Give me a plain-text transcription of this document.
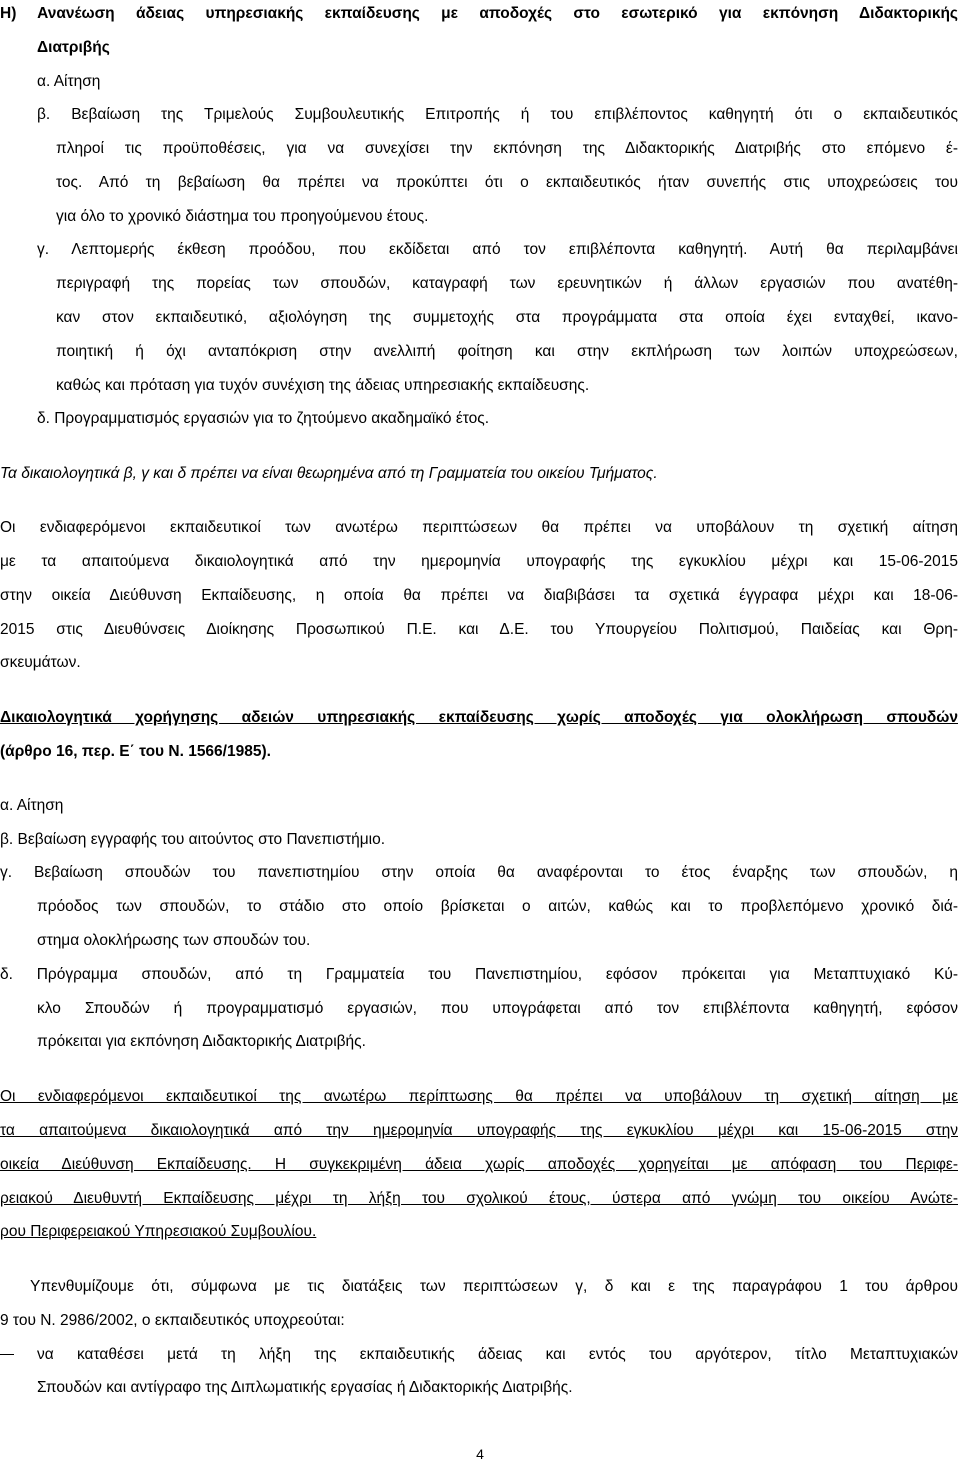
Η) Ανανέωση άδειας υπηρεσιακής εκπαίδευσης με αποδοχές στο εσωτερικό για εκπόνηση Διδακτορικής

Διατριβής

α. Αίτηση

β. Βεβαίωση της Τριμελούς Συμβουλευτικής Επιτροπής ή του επιβλέποντος καθηγητή ότι ο εκπαιδευτικός

πληροί τις προϋποθέσεις, για να συνεχίσει την εκπόνηση της Διδακτορικής Διατριβής στο επόμενο έ-

τος. Από τη βεβαίωση θα πρέπει να προκύπτει ότι ο εκπαιδευτικός ήταν συνεπής στις υποχρεώσεις του

για όλο το χρονικό διάστημα του προηγούμενου έτους.

γ. Λεπτομερής έκθεση προόδου, που εκδίδεται από τον επιβλέποντα καθηγητή. Αυτή θα περιλαμβάνει

περιγραφή της πορείας των σπουδών, καταγραφή των ερευνητικών ή άλλων εργασιών που ανατέθη-

καν στον εκπαιδευτικό, αξιολόγηση της συμμετοχής στα προγράμματα στα οποία έχει ενταχθεί, ικανο-

ποιητική ή όχι ανταπόκριση στην ανελλιπή φοίτηση και στην εκπλήρωση των λοιπών υποχρεώσεων,

καθώς και πρόταση για τυχόν συνέχιση της άδειας υπηρεσιακής εκπαίδευσης.

δ. Προγραμματισμός εργασιών για το ζητούμενο ακαδημαϊκό έτος.

Τα δικαιολογητικά β, γ και δ πρέπει να είναι θεωρημένα από τη Γραμματεία του οικείου Τμήματος.

Οι ενδιαφερόμενοι εκπαιδευτικοί των ανωτέρω περιπτώσεων θα πρέπει να υποβάλουν τη σχετική αίτηση

με τα απαιτούμενα δικαιολογητικά από την ημερομηνία υπογραφής της εγκυκλίου μέχρι και 15-06-2015

στην οικεία Διεύθυνση Εκπαίδευσης, η οποία θα πρέπει να διαβιβάσει τα σχετικά έγγραφα μέχρι και 18-06-

2015 στις Διευθύνσεις Διοίκησης Προσωπικού Π.Ε. και Δ.Ε. του Υπουργείου Πολιτισμού, Παιδείας και Θρη-

σκευμάτων.

Δικαιολογητικά χορήγησης αδειών υπηρεσιακής εκπαίδευσης χωρίς αποδοχές για ολοκλήρωση σπουδών

(άρθρο 16, περ. Ε΄ του Ν. 1566/1985).

α. Αίτηση

β. Βεβαίωση εγγραφής του αιτούντος στο Πανεπιστήμιο.

γ. Βεβαίωση σπουδών του πανεπιστημίου στην οποία θα αναφέρονται το έτος έναρξης των σπουδών, η

πρόοδος των σπουδών, το στάδιο στο οποίο βρίσκεται ο αιτών, καθώς και το προβλεπόμενο χρονικό διά-

στημα ολοκλήρωσης των σπουδών του.

δ. Πρόγραμμα σπουδών, από τη Γραμματεία του Πανεπιστημίου, εφόσον πρόκειται για Μεταπτυχιακό Κύ-

κλο Σπουδών ή προγραμματισμό εργασιών, που υπογράφεται από τον επιβλέποντα καθηγητή, εφόσον

πρόκειται για εκπόνηση Διδακτορικής Διατριβής.

Οι ενδιαφερόμενοι εκπαιδευτικοί της ανωτέρω περίπτωσης θα πρέπει να υποβάλουν τη σχετική αίτηση με

τα απαιτούμενα δικαιολογητικά από την ημερομηνία υπογραφής της εγκυκλίου μέχρι και 15-06-2015 στην

οικεία Διεύθυνση Εκπαίδευσης. Η συγκεκριμένη άδεια χωρίς αποδοχές χορηγείται με απόφαση του Περιφε-

ρειακού Διευθυντή Εκπαίδευσης μέχρι τη λήξη του σχολικού έτους, ύστερα από γνώμη του οικείου Ανώτε-

ρου Περιφερειακού Υπηρεσιακού Συμβουλίου.

Υπενθυμίζουμε ότι, σύμφωνα με τις διατάξεις των περιπτώσεων γ, δ και ε της παραγράφου 1 του άρθρου

9 του Ν. 2986/2002, ο εκπαιδευτικός υποχρεούται:

να καταθέσει μετά τη λήξη της εκπαιδευτικής άδειας και εντός του αργότερον, τίτλο Μεταπτυχιακών

Σπουδών και αντίγραφο της Διπλωματικής εργασίας ή Διδακτορικής Διατριβής.

4
